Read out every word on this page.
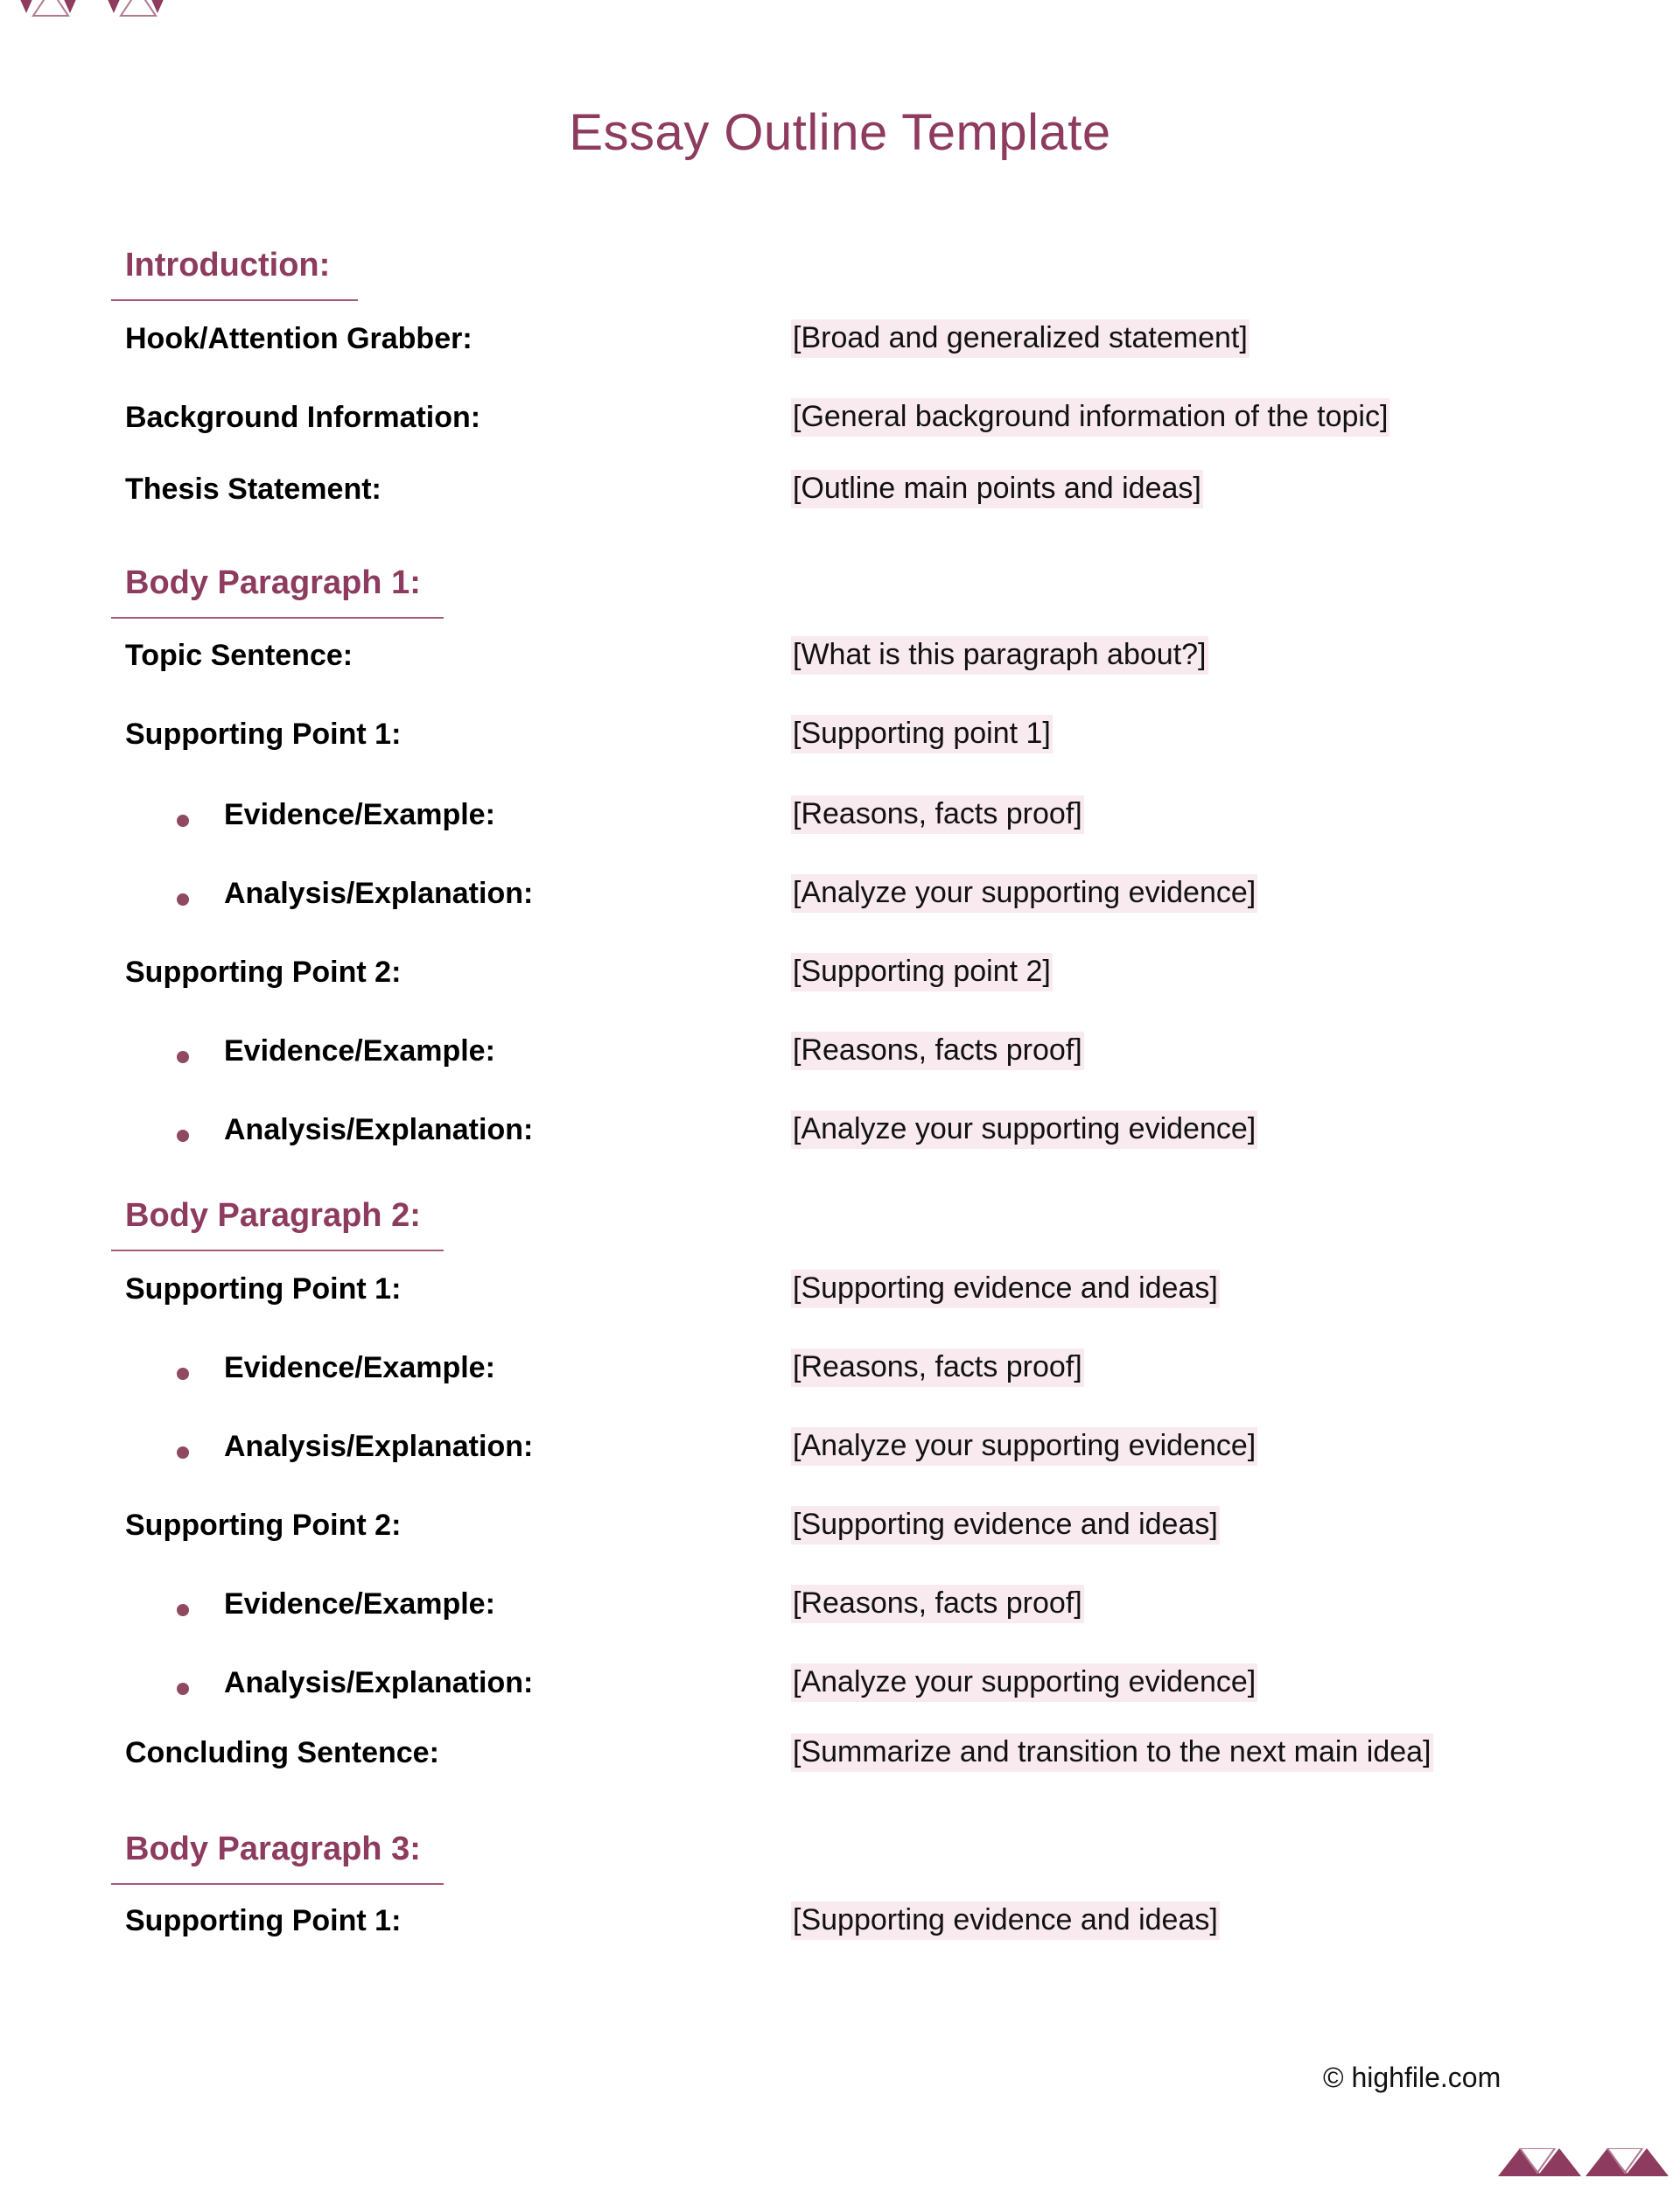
Essay Outline Template
Introduction:
Hook/Attention Grabber:	[Broad and generalized statement]
Background Information:	[General background information of the topic]
Thesis Statement:	[Outline main points and ideas]
Body Paragraph 1:
Topic Sentence:	[What is this paragraph about?]
Supporting Point 1:	[Supporting point 1]
Evidence/Example:	[Reasons, facts proof]
Analysis/Explanation:	[Analyze your supporting evidence]
Supporting Point 2:	[Supporting point 2]
Evidence/Example:	[Reasons, facts proof]
Analysis/Explanation:	[Analyze your supporting evidence]
Body Paragraph 2:
Supporting Point 1:	[Supporting evidence and ideas]
Evidence/Example:	[Reasons, facts proof]
Analysis/Explanation:	[Analyze your supporting evidence]
Supporting Point 2:	[Supporting evidence and ideas]
Evidence/Example:	[Reasons, facts proof]
Analysis/Explanation:	[Analyze your supporting evidence]
Concluding Sentence:	[Summarize and transition to the next main idea]
Body Paragraph 3:
Supporting Point 1:	[Supporting evidence and ideas]
© highfile.com
